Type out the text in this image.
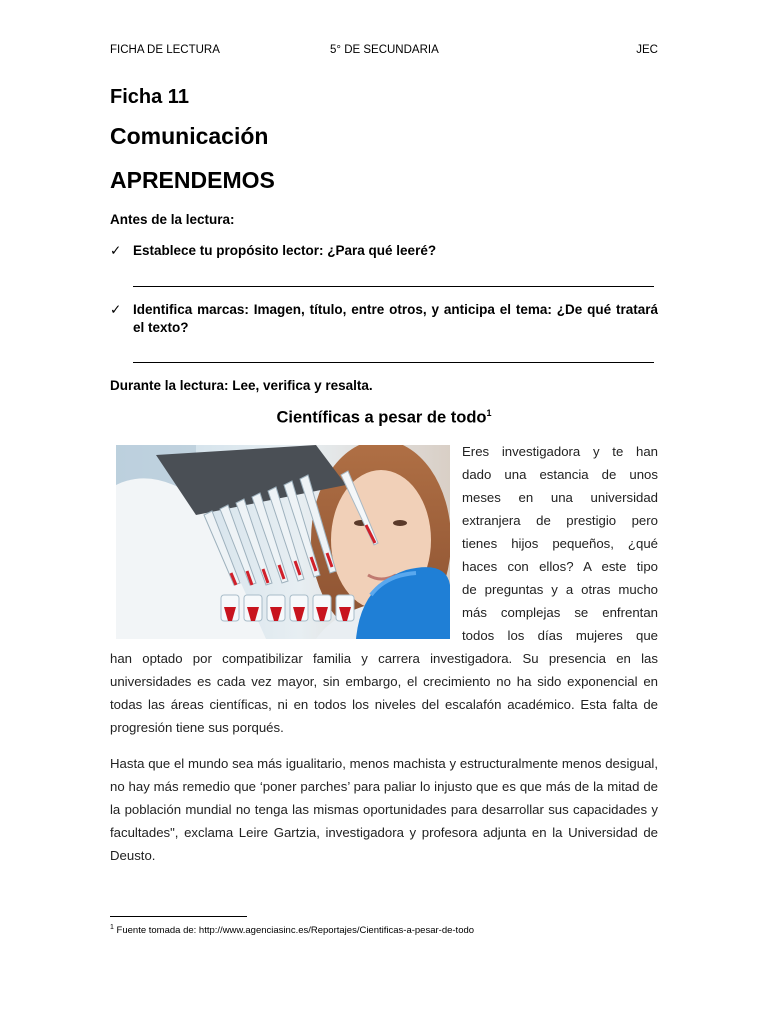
FICHA DE LECTURA	5° DE SECUNDARIA	JEC
Ficha 11
Comunicación
APRENDEMOS
Antes de la lectura:
✓ Establece tu propósito lector: ¿Para qué leeré?
✓ Identifica marcas: Imagen, título, entre otros, y anticipa el tema: ¿De qué tratará el texto?
Durante la lectura: Lee, verifica y resalta.
Científicas a pesar de todo$^1$
Eres investigadora y te han
dado una estancia de unos
meses en una universidad
extranjera de prestigio pero
tienes hijos pequeños, ¿qué
haces con ellos? A este tipo
de preguntas y a otras mucho
más complejas se enfrentan
todos los días mujeres que
han optado por compatibilizar familia y carrera investigadora. Su presencia en las universidades es cada vez mayor, sin embargo, el crecimiento no ha sido exponencial en todas las áreas científicas, ni en todos los niveles del escalafón académico. Esta falta de progresión tiene sus porqués.
Hasta que el mundo sea más igualitario, menos machista y estructuralmente menos desigual, no hay más remedio que ‘poner parches’ para paliar lo injusto que es que más de la mitad de la población mundial no tenga las mismas oportunidades para desarrollar sus capacidades y facultades", exclama Leire Gartzia, investigadora y profesora adjunta en la Universidad de Deusto.
$^1$ Fuente tomada de: http://www.agenciasinc.es/Reportajes/Cientificas-a-pesar-de-todo
